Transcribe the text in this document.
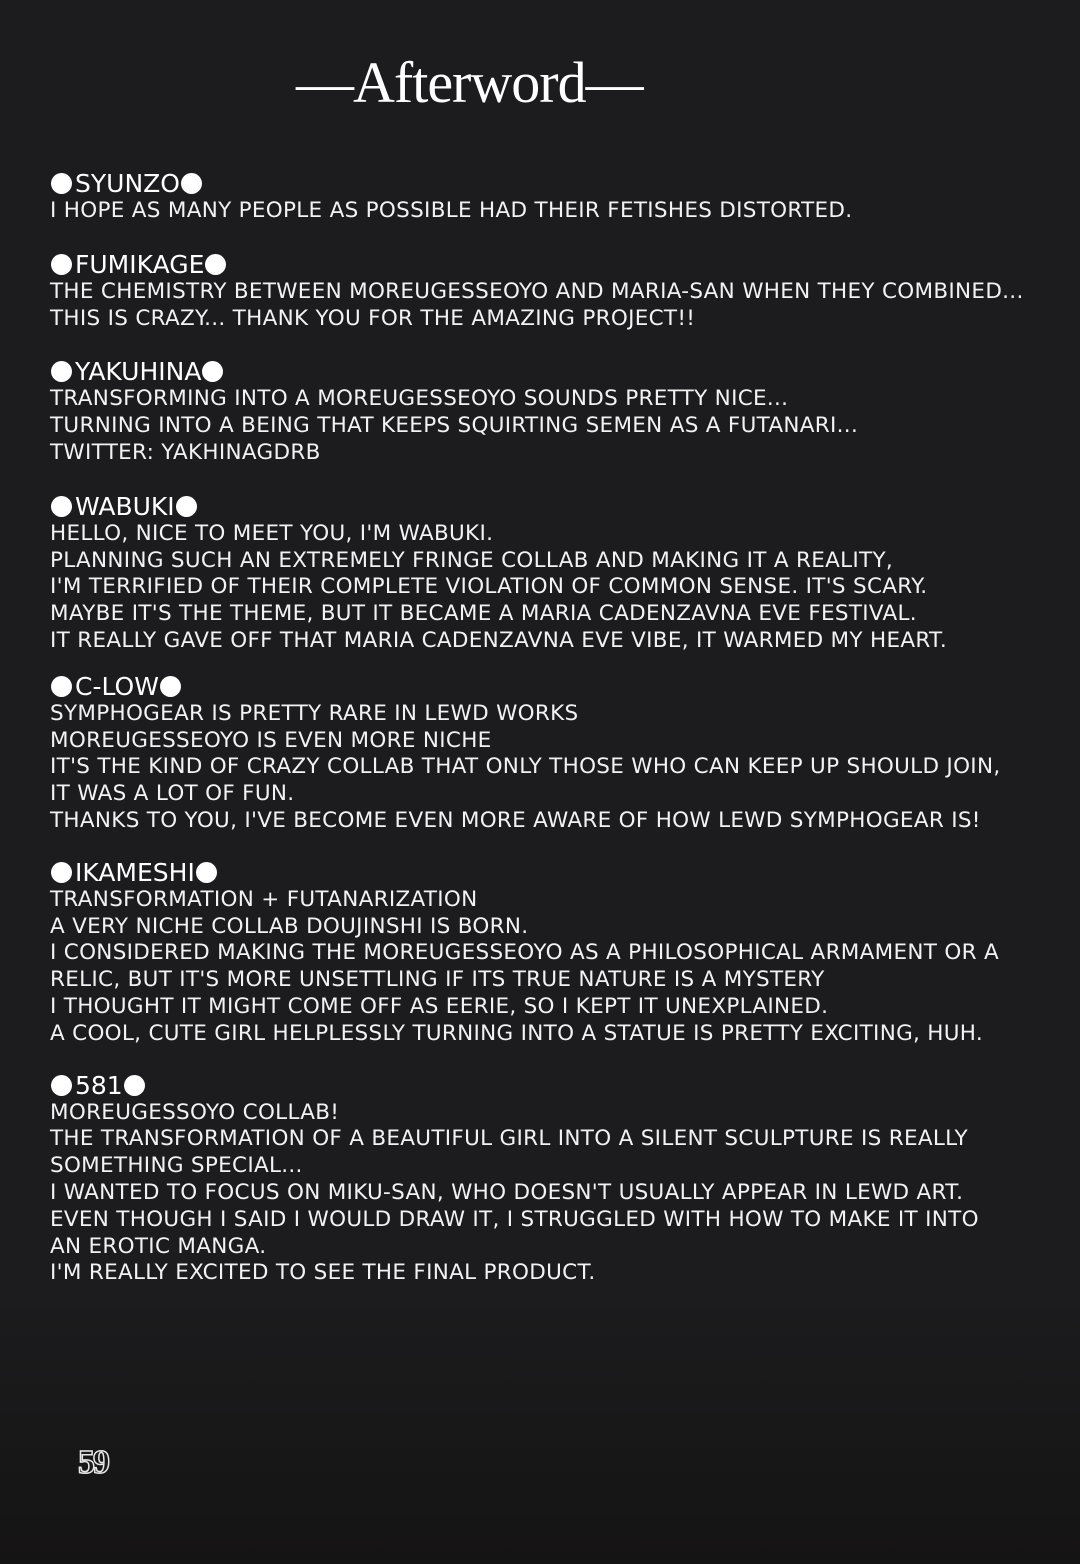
—Afterword—
SYUNZO
I HOPE AS MANY PEOPLE AS POSSIBLE HAD THEIR FETISHES DISTORTED.
FUMIKAGE
THE CHEMISTRY BETWEEN MOREUGESSEOYO AND MARIA-SAN WHEN THEY COMBINED...
THIS IS CRAZY... THANK YOU FOR THE AMAZING PROJECT!!
YAKUHINA
TRANSFORMING INTO A MOREUGESSEOYO SOUNDS PRETTY NICE...
TURNING INTO A BEING THAT KEEPS SQUIRTING SEMEN AS A FUTANARI...
TWITTER: YAKHINAGDRB
WABUKI
HELLO, NICE TO MEET YOU, I'M WABUKI.
PLANNING SUCH AN EXTREMELY FRINGE COLLAB AND MAKING IT A REALITY,
I'M TERRIFIED OF THEIR COMPLETE VIOLATION OF COMMON SENSE. IT'S SCARY.
MAYBE IT'S THE THEME, BUT IT BECAME A MARIA CADENZAVNA EVE FESTIVAL.
IT REALLY GAVE OFF THAT MARIA CADENZAVNA EVE VIBE, IT WARMED MY HEART.
C-LOW
SYMPHOGEAR IS PRETTY RARE IN LEWD WORKS
MOREUGESSEOYO IS EVEN MORE NICHE
IT'S THE KIND OF CRAZY COLLAB THAT ONLY THOSE WHO CAN KEEP UP SHOULD JOIN,
IT WAS A LOT OF FUN.
THANKS TO YOU, I'VE BECOME EVEN MORE AWARE OF HOW LEWD SYMPHOGEAR IS!
IKAMESHI
TRANSFORMATION + FUTANARIZATION
A VERY NICHE COLLAB DOUJINSHI IS BORN.
I CONSIDERED MAKING THE MOREUGESSEOYO AS A PHILOSOPHICAL ARMAMENT OR A
RELIC, BUT IT'S MORE UNSETTLING IF ITS TRUE NATURE IS A MYSTERY
I THOUGHT IT MIGHT COME OFF AS EERIE, SO I KEPT IT UNEXPLAINED.
A COOL, CUTE GIRL HELPLESSLY TURNING INTO A STATUE IS PRETTY EXCITING, HUH.
581
MOREUGESSOYO COLLAB!
THE TRANSFORMATION OF A BEAUTIFUL GIRL INTO A SILENT SCULPTURE IS REALLY
SOMETHING SPECIAL...
I WANTED TO FOCUS ON MIKU-SAN, WHO DOESN'T USUALLY APPEAR IN LEWD ART.
EVEN THOUGH I SAID I WOULD DRAW IT, I STRUGGLED WITH HOW TO MAKE IT INTO
AN EROTIC MANGA.
I'M REALLY EXCITED TO SEE THE FINAL PRODUCT.
59
